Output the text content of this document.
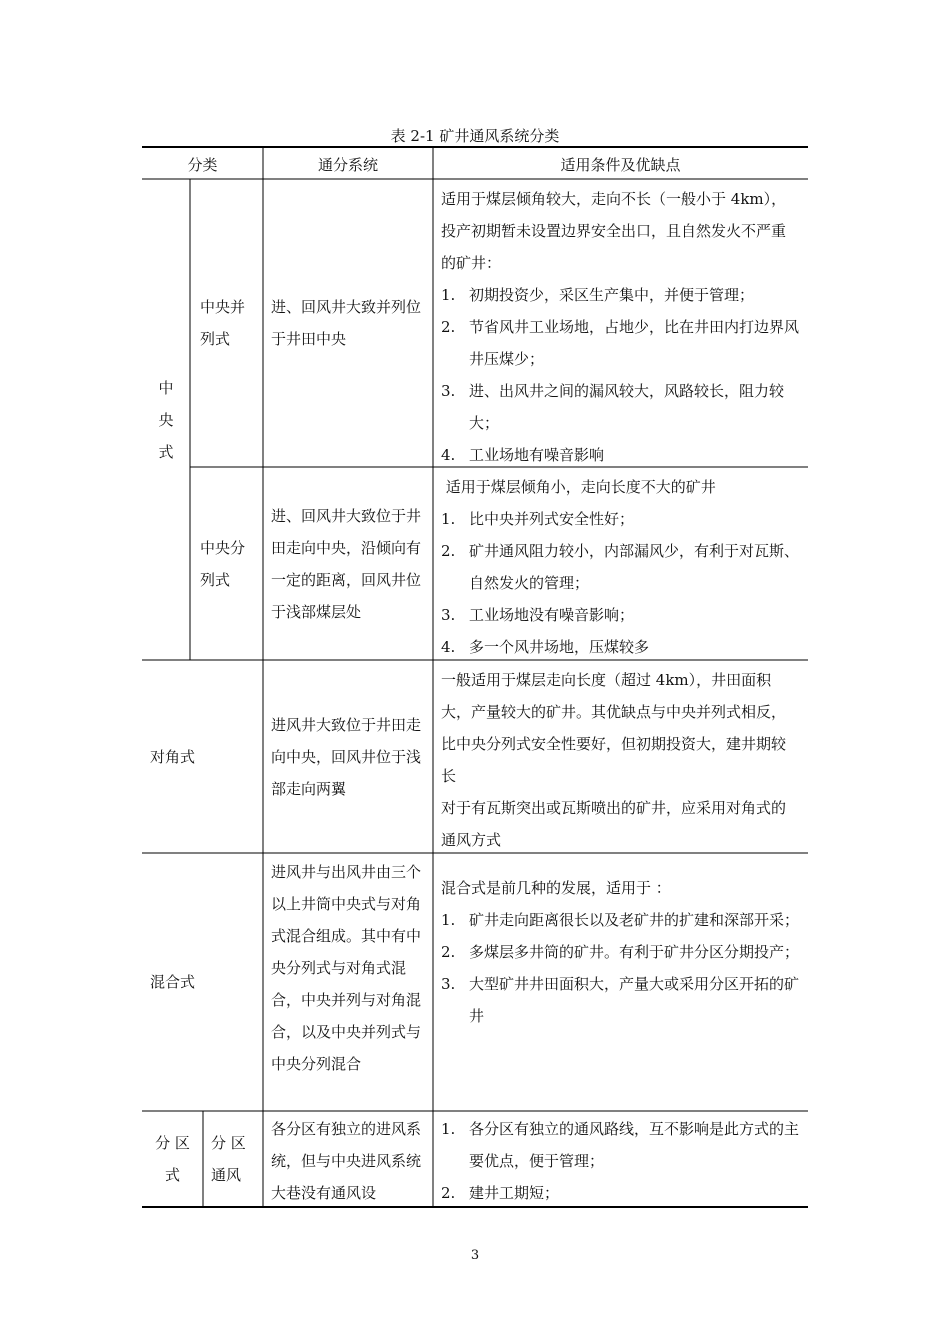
表 2-1 矿井通风系统分类
分类	通分系统	适用条件及优缺点
中
央
式
中央并
列式
进、回风井大致并列位于井田中央
适用于煤层倾角较大，走向不长（一般小于 4km），投产初期暂未设置边界安全出口，且自然发火不严重的矿井：
1. 初期投资少，采区生产集中，并便于管理；
2. 节省风井工业场地，占地少，比在井田内打边界风井压煤少；
3. 进、出风井之间的漏风较大，风路较长，阻力较大；
4. 工业场地有噪音影响
中央分
列式
进、回风井大致位于井田走向中央，沿倾向有一定的距离，回风井位于浅部煤层处
适用于煤层倾角小，走向长度不大的矿井
1. 比中央并列式安全性好；
2. 矿井通风阻力较小，内部漏风少，有利于对瓦斯、自然发火的管理；
3. 工业场地没有噪音影响；
4. 多一个风井场地，压煤较多
对角式
进风井大致位于井田走向中央，回风井位于浅部走向两翼
一般适用于煤层走向长度（超过 4km），井田面积大，产量较大的矿井。其优缺点与中央并列式相反，比中央分列式安全性要好，但初期投资大，建井期较长
对于有瓦斯突出或瓦斯喷出的矿井，应采用对角式的通风方式
混合式
进风井与出风井由三个以上井筒中央式与对角式混合组成。其中有中央分列式与对角式混合，中央并列与对角混合，以及中央并列式与中央分列混合
混合式是前几种的发展，适用于 ：
1. 矿井走向距离很长以及老矿井的扩建和深部开采；
2. 多煤层多井筒的矿井。有利于矿井分区分期投产；
3. 大型矿井井田面积大，产量大或采用分区开拓的矿井
分 区
式
分 区
通风
各分区有独立的进风系统，但与中央进风系统大巷没有通风设
1. 各分区有独立的通风路线，互不影响是此方式的主要优点，便于管理；
2. 建井工期短；
3
